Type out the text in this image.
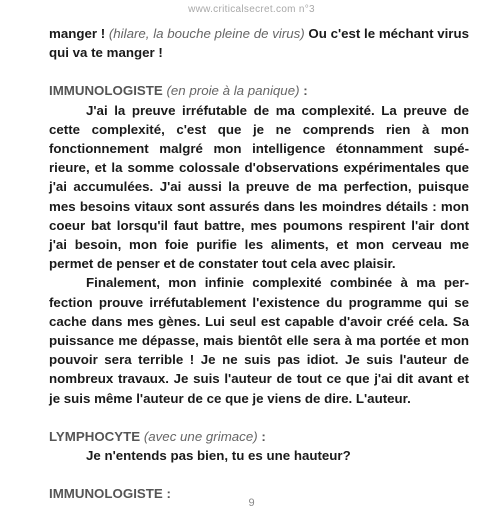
www.criticalsecret.com n°3

manger ! (hilare, la bouche pleine de virus) Ou c'est le méchant virus qui va te manger !

IMMUNOLOGISTE (en proie à la panique) :

J'ai la preuve irréfutable de ma complexité. La preuve de cette complexité, c'est que je ne comprends rien à mon fonctionnement malgré mon intelligence étonnamment supérieure, et la somme colossale d'observations expérimentales que j'ai accumulées. J'ai aussi la preuve de ma perfection, puisque mes besoins vitaux sont assurés dans les moindres détails : mon coeur bat lorsqu'il faut battre, mes poumons respirent l'air dont j'ai besoin, mon foie purifie les aliments, et mon cerveau me permet de penser et de constater tout cela avec plaisir.

Finalement, mon infinie complexité combinée à ma perfection prouve irréfutablement l'existence du programme qui se cache dans mes gènes. Lui seul est capable d'avoir créé cela. Sa puissance me dépasse, mais bientôt elle sera à ma portée et mon pouvoir sera terrible ! Je ne suis pas idiot. Je suis l'auteur de nombreux travaux. Je suis l'auteur de tout ce que j'ai dit avant et je suis même l'auteur de ce que je viens de dire. L'auteur.

LYMPHOCYTE (avec une grimace) :

Je n'entends pas bien, tu es une hauteur?

IMMUNOLOGISTE :

9
